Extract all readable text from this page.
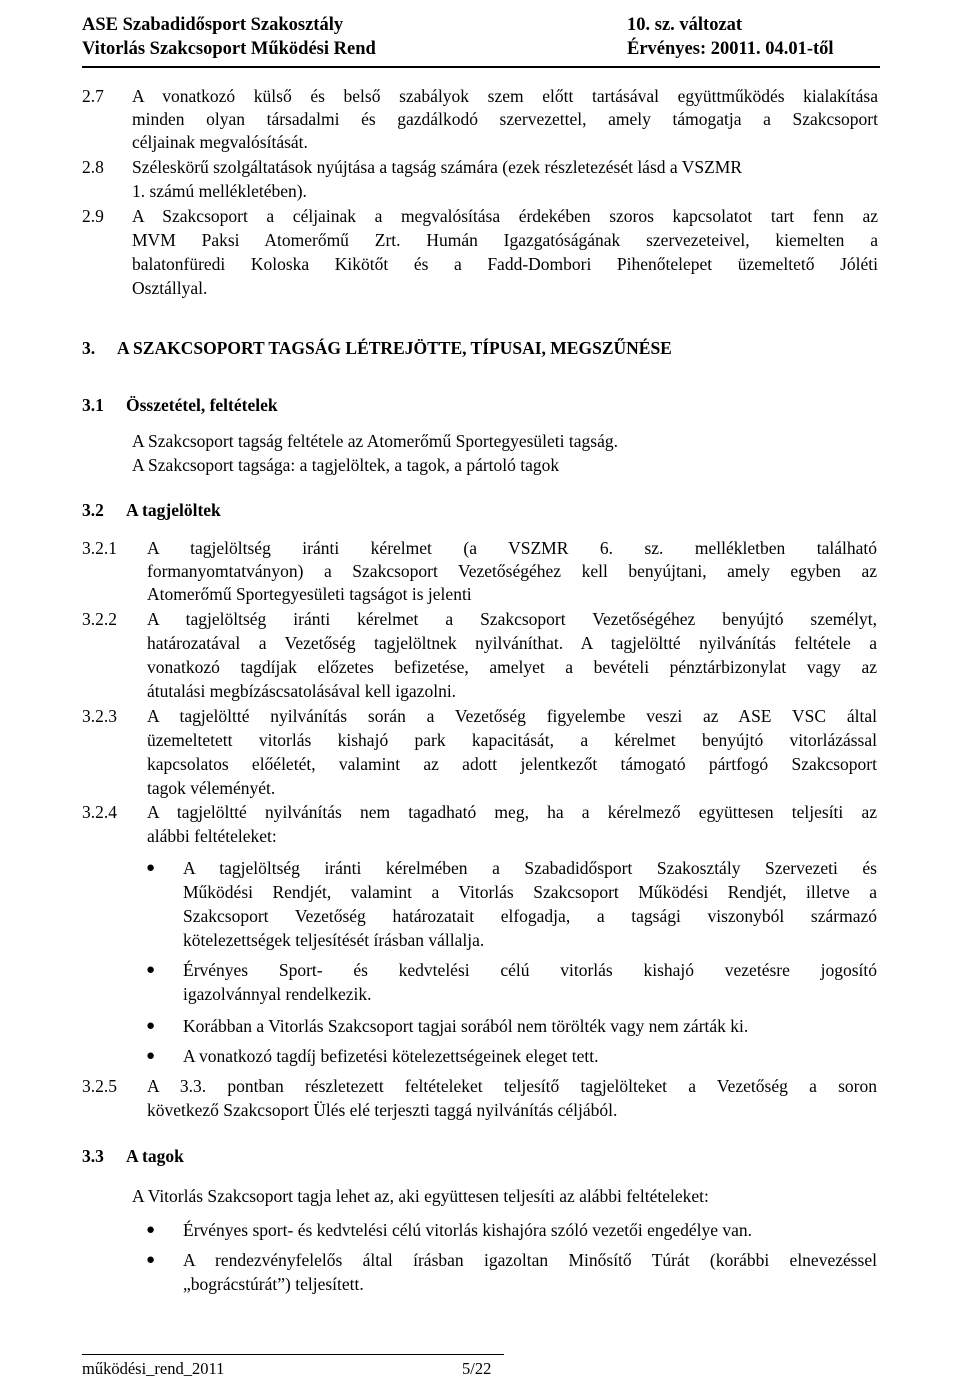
ASE Szabadidősport Szakosztály	10. sz. változat
Vitorlás Szakcsoport Működési Rend	Érvényes: 20011. 04.01-től
2.7 A vonatkozó külső és belső szabályok szem előtt tartásával együttműködés kialakítása
minden olyan társadalmi és gazdálkodó szervezettel, amely támogatja a Szakcsoport
céljainak megvalósítását.
2.8 Széleskörű szolgáltatások nyújtása a tagság számára (ezek részletezését lásd a VSZMR
1. számú mellékletében).
2.9 A Szakcsoport a céljainak a megvalósítása érdekében szoros kapcsolatot tart fenn az
MVM Paksi Atomerőmű Zrt. Humán Igazgatóságának szervezeteivel, kiemelten a
balatonfüredi Koloska Kikötőt és a Fadd-Dombori Pihenőtelepet üzemeltető Jóléti
Osztállyal.
3. A SZAKCSOPORT TAGSÁG LÉTREJÖTTE, TÍPUSAI, MEGSZŰNÉSE
3.1 Összetétel, feltételek
A Szakcsoport tagság feltétele az Atomerőmű Sportegyesületi tagság.
A Szakcsoport tagsága: a tagjelöltek, a tagok, a pártoló tagok
3.2 A tagjelöltek
3.2.1 A tagjelöltség iránti kérelmet (a VSZMR 6. sz. mellékletben található
formanyomtatványon) a Szakcsoport Vezetőségéhez kell benyújtani, amely egyben az
Atomerőmű Sportegyesületi tagságot is jelenti
3.2.2 A tagjelöltség iránti kérelmet a Szakcsoport Vezetőségéhez benyújtó személyt,
határozatával a Vezetőség tagjelöltnek nyilváníthat. A tagjelöltté nyilvánítás feltétele a
vonatkozó tagdíjak előzetes befizetése, amelyet a bevételi pénztárbizonylat vagy az
átutalási megbízáscsatolásával kell igazolni.
3.2.3 A tagjelöltté nyilvánítás során a Vezetőség figyelembe veszi az ASE VSC által
üzemeltetett vitorlás kishajó park kapacitását, a kérelmet benyújtó vitorlázással
kapcsolatos előéletét, valamint az adott jelentkezőt támogató pártfogó Szakcsoport
tagok véleményét.
3.2.4 A tagjelöltté nyilvánítás nem tagadható meg, ha a kérelmező együttesen teljesíti az
alábbi feltételeket:
● A tagjelöltség iránti kérelmében a Szabadidősport Szakosztály Szervezeti és
Működési Rendjét, valamint a Vitorlás Szakcsoport Működési Rendjét, illetve a
Szakcsoport Vezetőség határozatait elfogadja, a tagsági viszonyból származó
kötelezettségek teljesítését írásban vállalja.
● Érvényes Sport- és kedvtelési célú vitorlás kishajó vezetésre jogosító
igazolvánnyal rendelkezik.
● Korábban a Vitorlás Szakcsoport tagjai sorából nem törölték vagy nem zárták ki.
● A vonatkozó tagdíj befizetési kötelezettségeinek eleget tett.
3.2.5 A 3.3. pontban részletezett feltételeket teljesítő tagjelölteket a Vezetőség a soron
következő Szakcsoport Ülés elé terjeszti taggá nyilvánítás céljából.
3.3 A tagok
A Vitorlás Szakcsoport tagja lehet az, aki együttesen teljesíti az alábbi feltételeket:
● Érvényes sport- és kedvtelési célú vitorlás kishajóra szóló vezetői engedélye van.
● A rendezvényfelelős által írásban igazoltan Minősítő Túrát (korábbi elnevezéssel
„bográcstúrát”) teljesített.
működési_rend_2011	5/22
